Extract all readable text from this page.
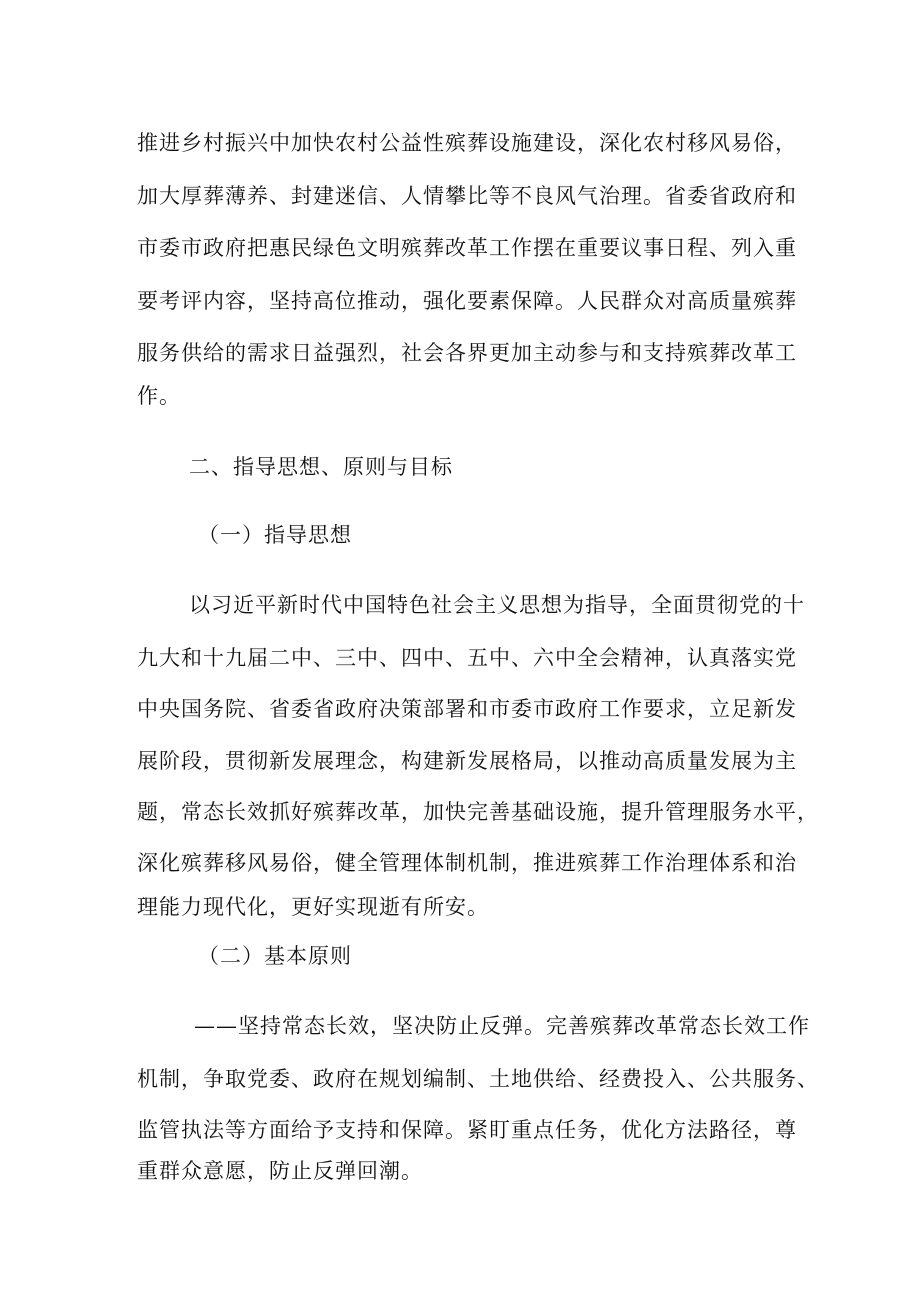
推进乡村振兴中加快农村公益性殡葬设施建设，深化农村移风易俗，
加大厚葬薄养、封建迷信、人情攀比等不良风气治理。省委省政府和
市委市政府把惠民绿色文明殡葬改革工作摆在重要议事日程、列入重
要考评内容，坚持高位推动，强化要素保障。人民群众对高质量殡葬
服务供给的需求日益强烈，社会各界更加主动参与和支持殡葬改革工
作。
二、指导思想、原则与目标
（一）指导思想
以习近平新时代中国特色社会主义思想为指导，全面贯彻党的十
九大和十九届二中、三中、四中、五中、六中全会精神，认真落实党
中央国务院、省委省政府决策部署和市委市政府工作要求，立足新发
展阶段，贯彻新发展理念，构建新发展格局，以推动高质量发展为主
题，常态长效抓好殡葬改革，加快完善基础设施，提升管理服务水平，
深化殡葬移风易俗，健全管理体制机制，推进殡葬工作治理体系和治
理能力现代化，更好实现逝有所安。
（二）基本原则
——坚持常态长效，坚决防止反弹。完善殡葬改革常态长效工作
机制，争取党委、政府在规划编制、土地供给、经费投入、公共服务、
监管执法等方面给予支持和保障。紧盯重点任务，优化方法路径，尊
重群众意愿，防止反弹回潮。
